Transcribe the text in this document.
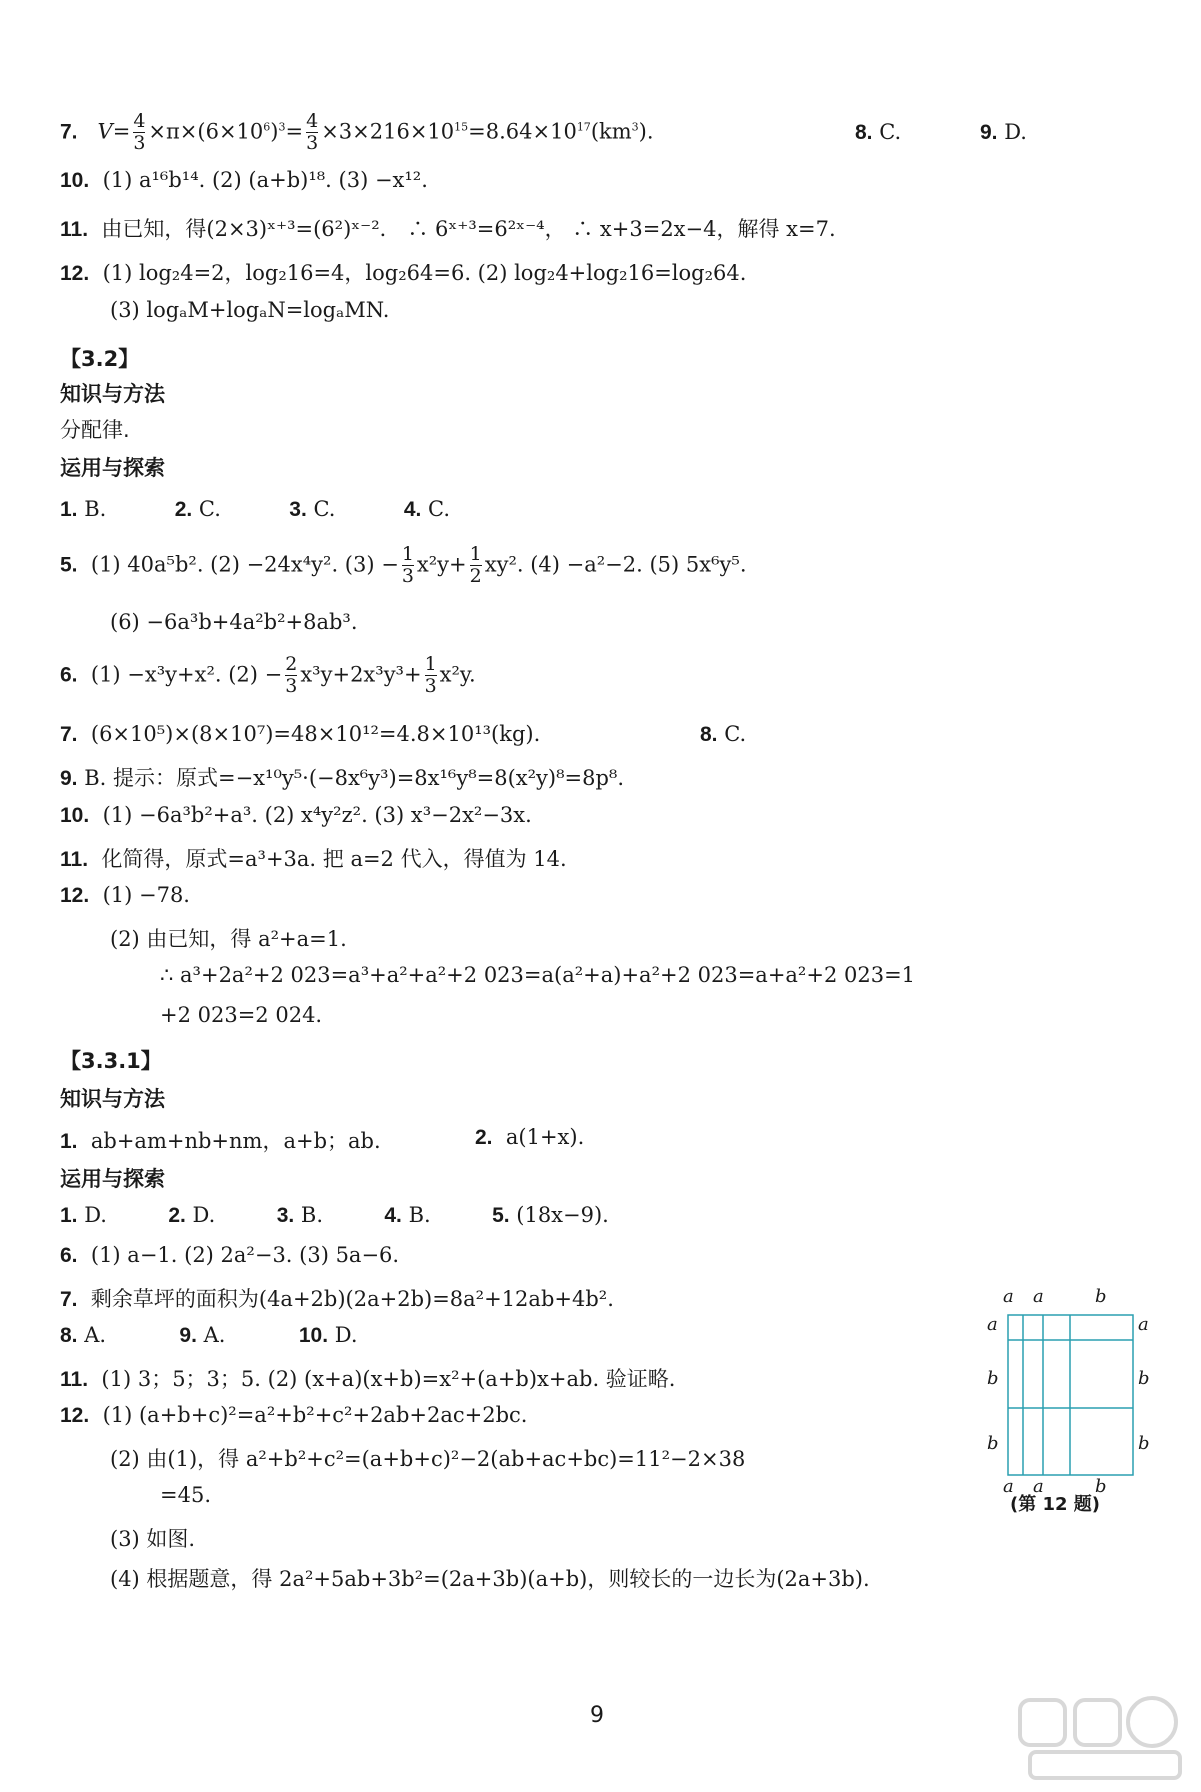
7. $V= \frac{4}{3} \times\pi\times(6\times 10^6)^3= \frac{4}{3} \times 3\times 216\times 10^{15}=8.64\times 10^{17}(km^3)$.	8. C.	9. D.
10. (1) a¹⁶b¹⁴. (2) (a+b)¹⁸. (3) −x¹².
11. 由已知，得(2×3)ˣ⁺³=(6²)ˣ⁻²． ∴ 6ˣ⁺³=6²ˣ⁻⁴， ∴ x+3=2x−4，解得 x=7.
12. (1) log₂4=2，log₂16=4，log₂64=6. (2) log₂4+log₂16=log₂64.
(3) logₐM+logₐN=logₐMN.
【3.2】
知识与方法
分配律.
运用与探索
1. B.	2. C.	3. C.	4. C.
5. (1) 40a⁵b². (2) −24x⁴y². $(3) - \frac{1}{3} x^2y+ \frac{1}{2} xy^2$. (4) −a²−2. (5) 5x⁶y⁵.
(6) −6a³b+4a²b²+8ab³.
6. (1) −x³y+x². $(2) - \frac{2}{3} x^3y+2x^3y^3+ \frac{1}{3} x^2y$.
7. (6×10⁵)×(8×10⁷)=48×10¹²=4.8×10¹³(kg).	8. C.
9. B. 提示：原式=−x¹⁰y⁵·(−8x⁶y³)=8x¹⁶y⁸=8(x²y)⁸=8p⁸.
10. (1) −6a³b²+a³. (2) x⁴y²z². (3) x³−2x²−3x.
11. 化简得，原式=a³+3a. 把 a=2 代入，得值为 14.
12. (1) −78.
(2) 由已知，得 a²+a=1.
∴ a³+2a²+2 023=a³+a²+a²+2 023=a(a²+a)+a²+2 023=a+a²+2 023=1
+2 023=2 024.
【3.3.1】
知识与方法
1. ab+am+nb+nm，a+b；ab.	2. a(1+x).
运用与探索
1. D.	2. D.	3. B.	4. B.	5. (18x−9).
6. (1) a−1. (2) 2a²−3. (3) 5a−6.
7. 剩余草坪的面积为(4a+2b)(2a+2b)=8a²+12ab+4b².
8. A.	9. A.	10. D.
11. (1) 3；5；3；5. (2) (x+a)(x+b)=x²+(a+b)x+ab. 验证略.
12. (1) (a+b+c)²=a²+b²+c²+2ab+2ac+2bc.
(2) 由(1)，得 a²+b²+c²=(a+b+c)²−2(ab+ac+bc)=11²−2×38
=45.
(3) 如图.
(4) 根据题意，得 2a²+5ab+3b²=(2a+3b)(a+b)，则较长的一边长为(2a+3b).
a a	b
a a	b
a
b
b
a
b
b
(第 12 题)
9
